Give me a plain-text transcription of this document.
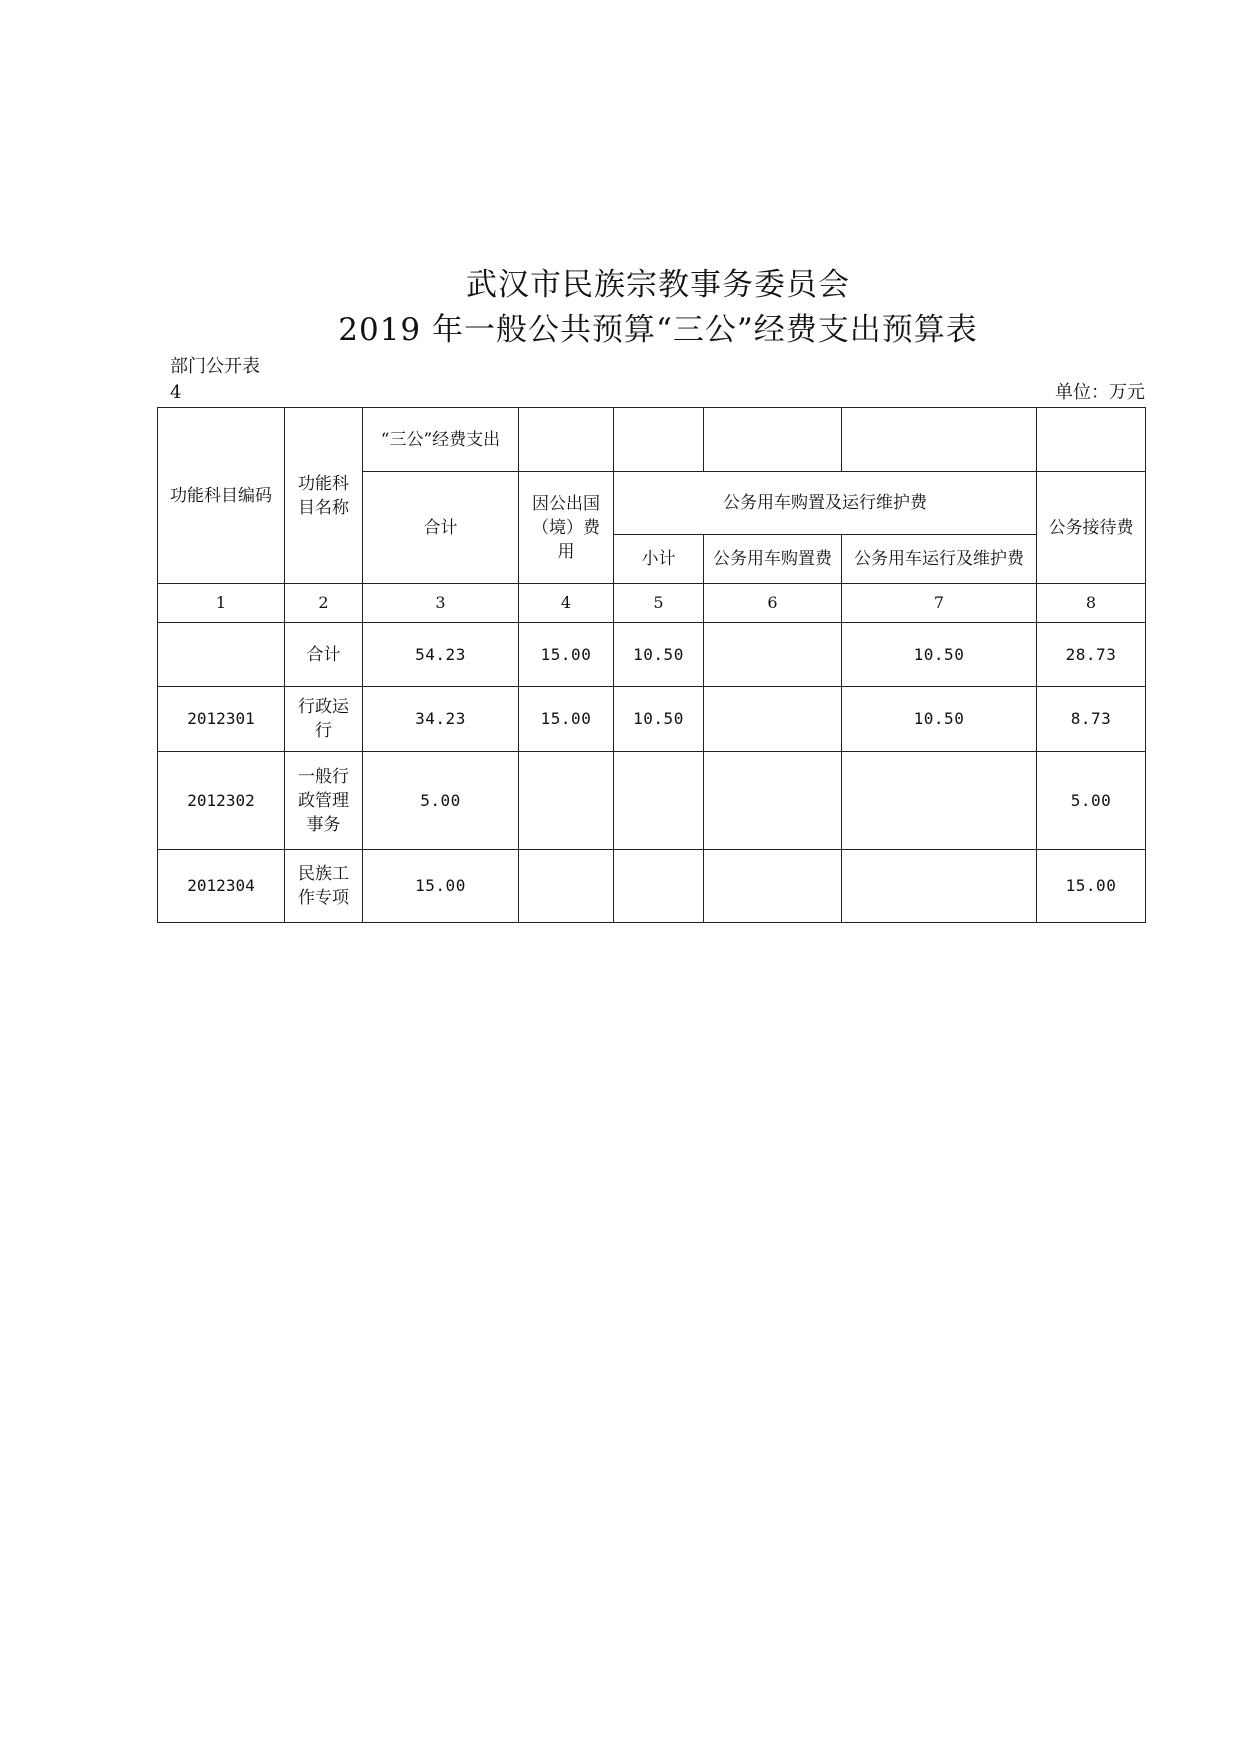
武汉市民族宗教事务委员会
2019 年一般公共预算“三公”经费支出预算表
部门公开表
4	单位：万元
功能科目编码	功能科目名称	“三公”经费支出					
		合计	因公出国（境）费用	公务用车购置及运行维护费			公务接待费
				小计	公务用车购置费	公务用车运行及维护费	
1	2	3	4	5	6	7	8
	合计	54.23	15.00	10.50		10.50	28.73
2012301	行政运行	34.23	15.00	10.50		10.50	8.73
2012302	一般行政管理事务	5.00					5.00
2012304	民族工作专项	15.00					15.00
